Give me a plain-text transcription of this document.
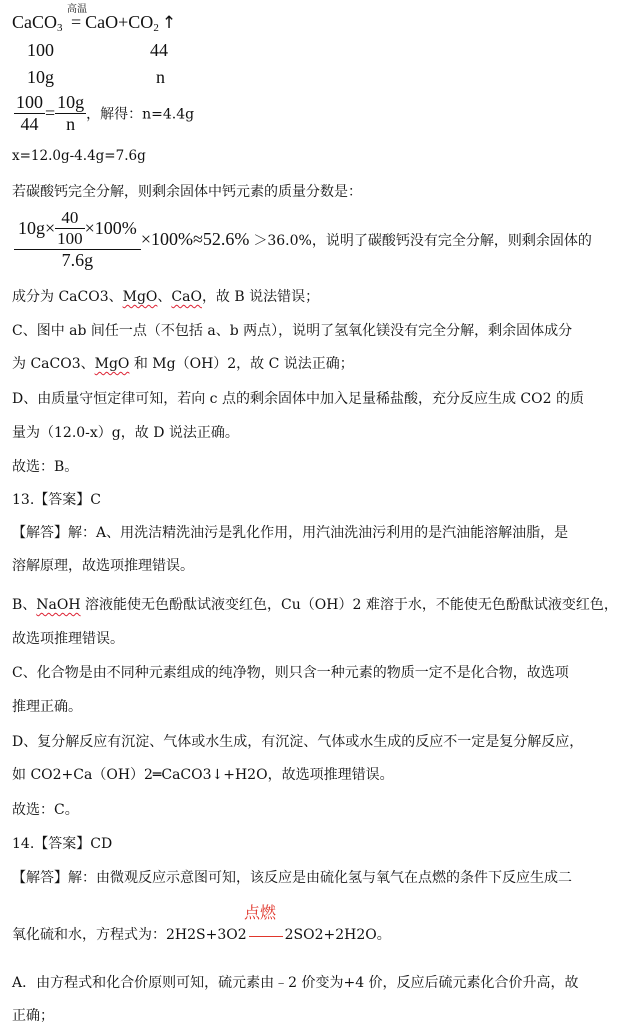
CaCO$_3$ = $CaO+CO_2$ ↑
高温
100	44
10g	n
$\frac{100}{44} = \frac{10g}{n}$ ，解得：n=4.4g
x=12.0g-4.4g=7.6g
若碳酸钙完全分解，则剩余固体中钙元素的质量分数是：
$\frac{10g\times \frac{40}{100} \times 100\%}{7.6g} \times 100\%\approx 52.6\% >36.0\%$，说明了碳酸钙没有完全分解，则剩余固体的
成分为 CaCO3、MgO、CaO，故 B 说法错误；
C、图中 ab 间任一点（不包括 a、b 两点），说明了氢氧化镁没有完全分解，剩余固体成分
为 CaCO3、MgO 和 Mg（OH）2，故 C 说法正确；
D、由质量守恒定律可知，若向 c 点的剩余固体中加入足量稀盐酸，充分反应生成 CO2 的质
量为（12.0-x）g，故 D 说法正确。
故选：B。
13.【答案】C
【解答】解：A、用洗洁精洗油污是乳化作用，用汽油洗油污利用的是汽油能溶解油脂，是
溶解原理，故选项推理错误。
B、NaOH 溶液能使无色酚酞试液变红色，Cu（OH）2 难溶于水，不能使无色酚酞试液变红色，
故选项推理错误。
C、化合物是由不同种元素组成的纯净物，则只含一种元素的物质一定不是化合物，故选项
推理正确。
D、复分解反应有沉淀、气体或水生成，有沉淀、气体或水生成的反应不一定是复分解反应，
如 CO2+Ca（OH）2═CaCO3↓+H2O，故选项推理错误。
故选：C。
14.【答案】CD
【解答】解：由微观反应示意图可知，该反应是由硫化氢与氧气在点燃的条件下反应生成二
点燃
氧化硫和水，方程式为：2H2S+3O2	2SO2+2H2O。
A．由方程式和化合价原则可知，硫元素由﹣2 价变为+4 价，反应后硫元素化合价升高，故
正确；
